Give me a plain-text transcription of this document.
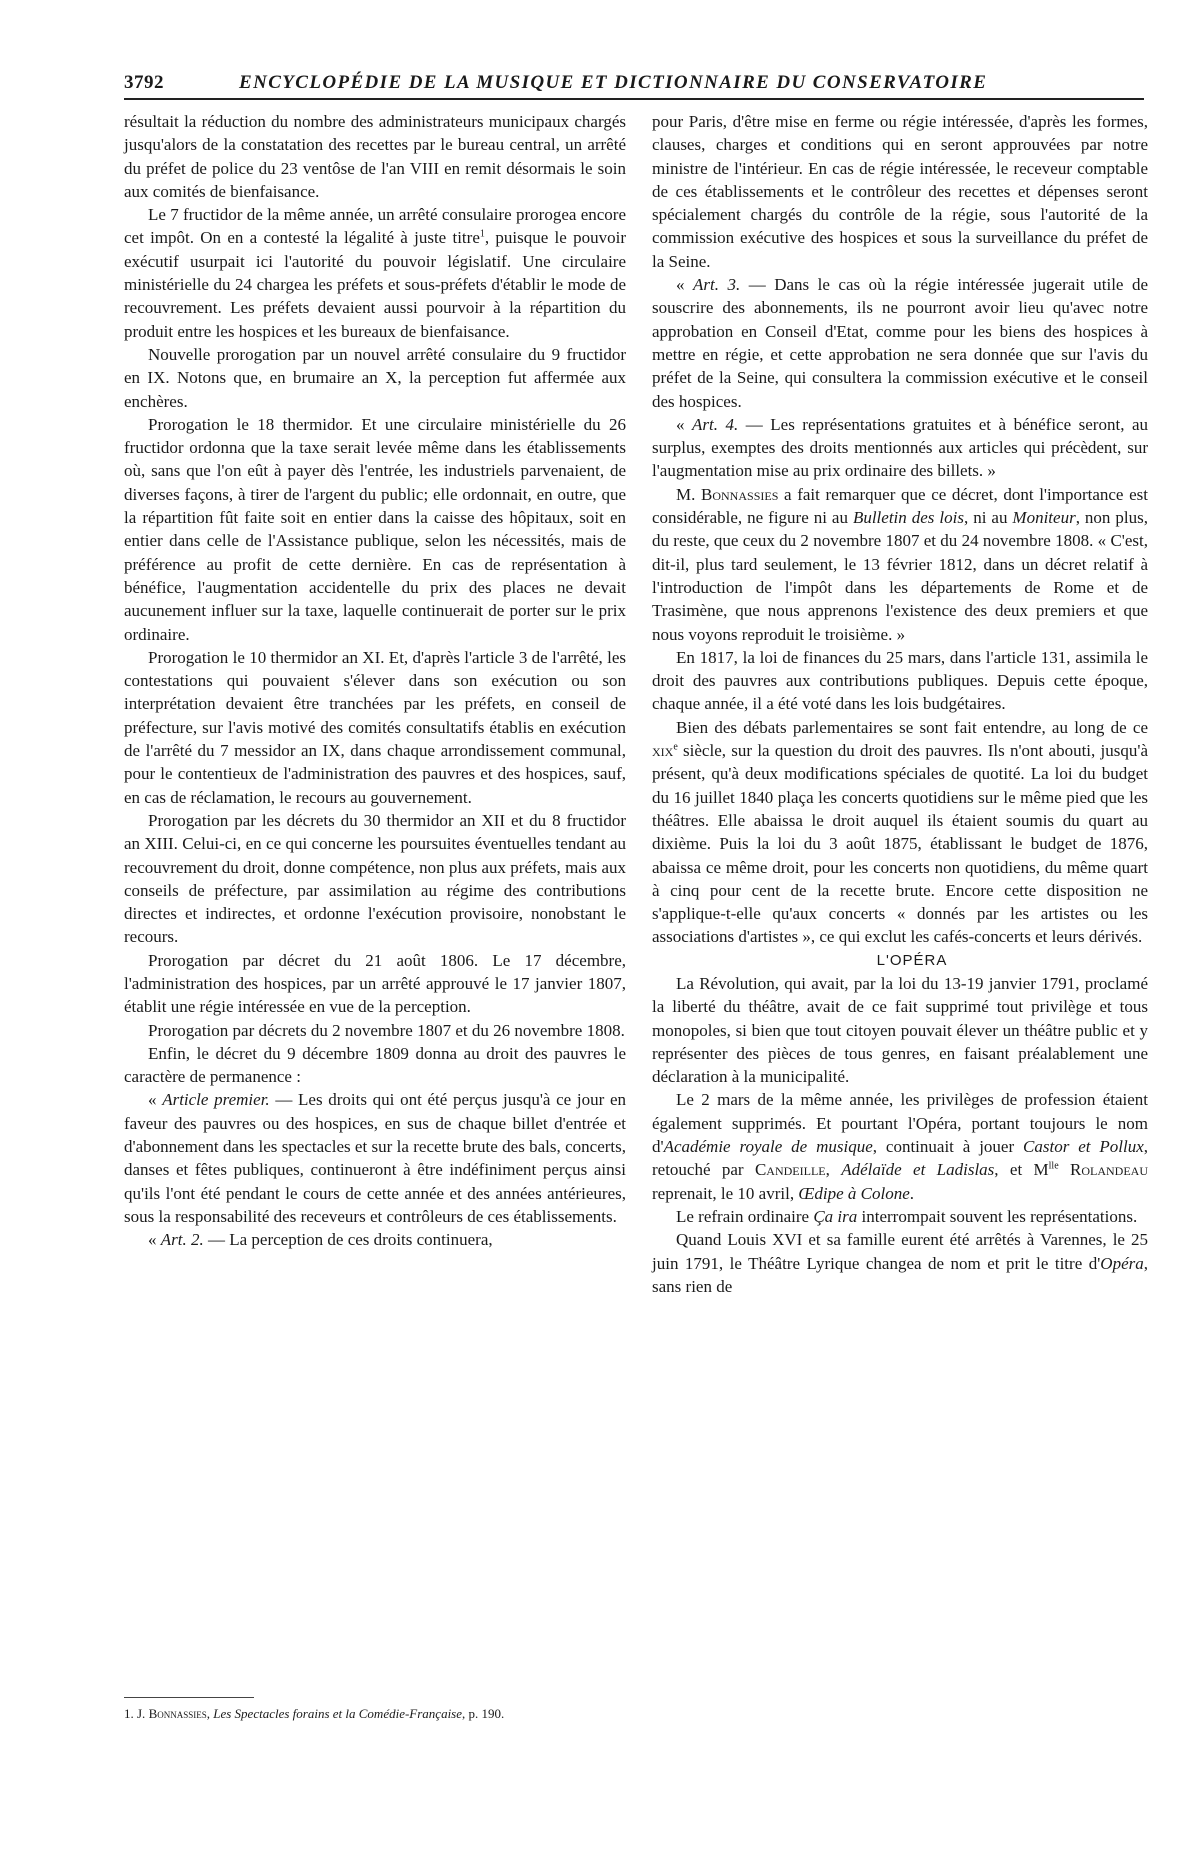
3792	ENCYCLOPÉDIE DE LA MUSIQUE ET DICTIONNAIRE DU CONSERVATOIRE

résultait la réduction du nombre des administrateurs municipaux chargés jusqu'alors de la constatation des recettes par le bureau central, un arrêté du préfet de police du 23 ventôse de l'an VIII en remit désormais le soin aux comités de bienfaisance.

Le 7 fructidor de la même année, un arrêté consulaire prorogea encore cet impôt. On en a contesté la légalité à juste titre$^1$, puisque le pouvoir exécutif usurpait ici l'autorité du pouvoir législatif. Une circulaire ministérielle du 24 chargea les préfets et sous-préfets d'établir le mode de recouvrement. Les préfets devaient aussi pourvoir à la répartition du produit entre les hospices et les bureaux de bienfaisance.

Nouvelle prorogation par un nouvel arrêté consulaire du 9 fructidor en IX. Notons que, en brumaire an X, la perception fut affermée aux enchères.

Prorogation le 18 thermidor. Et une circulaire ministérielle du 26 fructidor ordonna que la taxe serait levée même dans les établissements où, sans que l'on eût à payer dès l'entrée, les industriels parvenaient, de diverses façons, à tirer de l'argent du public; elle ordonnait, en outre, que la répartition fût faite soit en entier dans la caisse des hôpitaux, soit en entier dans celle de l'Assistance publique, selon les nécessités, mais de préférence au profit de cette dernière. En cas de représentation à bénéfice, l'augmentation accidentelle du prix des places ne devait aucunement influer sur la taxe, laquelle continuerait de porter sur le prix ordinaire.

Prorogation le 10 thermidor an XI. Et, d'après l'article 3 de l'arrêté, les contestations qui pouvaient s'élever dans son exécution ou son interprétation devaient être tranchées par les préfets, en conseil de préfecture, sur l'avis motivé des comités consultatifs établis en exécution de l'arrêté du 7 messidor an IX, dans chaque arrondissement communal, pour le contentieux de l'administration des pauvres et des hospices, sauf, en cas de réclamation, le recours au gouvernement.

Prorogation par les décrets du 30 thermidor an XII et du 8 fructidor an XIII. Celui-ci, en ce qui concerne les poursuites éventuelles tendant au recouvrement du droit, donne compétence, non plus aux préfets, mais aux conseils de préfecture, par assimilation au régime des contributions directes et indirectes, et ordonne l'exécution provisoire, nonobstant le recours.

Prorogation par décret du 21 août 1806. Le 17 décembre, l'administration des hospices, par un arrêté approuvé le 17 janvier 1807, établit une régie intéressée en vue de la perception.

Prorogation par décrets du 2 novembre 1807 et du 26 novembre 1808.

Enfin, le décret du 9 décembre 1809 donna au droit des pauvres le caractère de permanence :

« Article premier. — Les droits qui ont été perçus jusqu'à ce jour en faveur des pauvres ou des hospices, en sus de chaque billet d'entrée et d'abonnement dans les spectacles et sur la recette brute des bals, concerts, danses et fêtes publiques, continueront à être indéfiniment perçus ainsi qu'ils l'ont été pendant le cours de cette année et des années antérieures, sous la responsabilité des receveurs et contrôleurs de ces établissements.

« Art. 2. — La perception de ces droits continuera,

1. J. Bonnassies, Les Spectacles forains et la Comédie-Française, p. 190.

pour Paris, d'être mise en ferme ou régie intéressée, d'après les formes, clauses, charges et conditions qui en seront approuvées par notre ministre de l'intérieur. En cas de régie intéressée, le receveur comptable de ces établissements et le contrôleur des recettes et dépenses seront spécialement chargés du contrôle de la régie, sous l'autorité de la commission exécutive des hospices et sous la surveillance du préfet de la Seine.

« Art. 3. — Dans le cas où la régie intéressée jugerait utile de souscrire des abonnements, ils ne pourront avoir lieu qu'avec notre approbation en Conseil d'Etat, comme pour les biens des hospices à mettre en régie, et cette approbation ne sera donnée que sur l'avis du préfet de la Seine, qui consultera la commission exécutive et le conseil des hospices.

« Art. 4. — Les représentations gratuites et à bénéfice seront, au surplus, exemptes des droits mentionnés aux articles qui précèdent, sur l'augmentation mise au prix ordinaire des billets. »

M. Bonnassies a fait remarquer que ce décret, dont l'importance est considérable, ne figure ni au Bulletin des lois, ni au Moniteur, non plus, du reste, que ceux du 2 novembre 1807 et du 24 novembre 1808. « C'est, dit-il, plus tard seulement, le 13 février 1812, dans un décret relatif à l'introduction de l'impôt dans les départements de Rome et de Trasimène, que nous apprenons l'existence des deux premiers et que nous voyons reproduit le troisième. »

En 1817, la loi de finances du 25 mars, dans l'article 131, assimila le droit des pauvres aux contributions publiques. Depuis cette époque, chaque année, il a été voté dans les lois budgétaires.

Bien des débats parlementaires se sont fait entendre, au long de ce xix$^e$ siècle, sur la question du droit des pauvres. Ils n'ont abouti, jusqu'à présent, qu'à deux modifications spéciales de quotité. La loi du budget du 16 juillet 1840 plaça les concerts quotidiens sur le même pied que les théâtres. Elle abaissa le droit auquel ils étaient soumis du quart au dixième. Puis la loi du 3 août 1875, établissant le budget de 1876, abaissa ce même droit, pour les concerts non quotidiens, du même quart à cinq pour cent de la recette brute. Encore cette disposition ne s'applique-t-elle qu'aux concerts « donnés par les artistes ou les associations d'artistes », ce qui exclut les cafés-concerts et leurs dérivés.

L'OPÉRA

La Révolution, qui avait, par la loi du 13-19 janvier 1791, proclamé la liberté du théâtre, avait de ce fait supprimé tout privilège et tous monopoles, si bien que tout citoyen pouvait élever un théâtre public et y représenter des pièces de tous genres, en faisant préalablement une déclaration à la municipalité.

Le 2 mars de la même année, les privilèges de profession étaient également supprimés. Et pourtant l'Opéra, portant toujours le nom d'Académie royale de musique, continuait à jouer Castor et Pollux, retouché par Candeille, Adélaïde et Ladislas, et $M^{lle}$ Rolandeau reprenait, le 10 avril, Œdipe à Colone.

Le refrain ordinaire Ça ira interrompait souvent les représentations.

Quand Louis XVI et sa famille eurent été arrêtés à Varennes, le 25 juin 1791, le Théâtre Lyrique changea de nom et prit le titre d'Opéra, sans rien de
